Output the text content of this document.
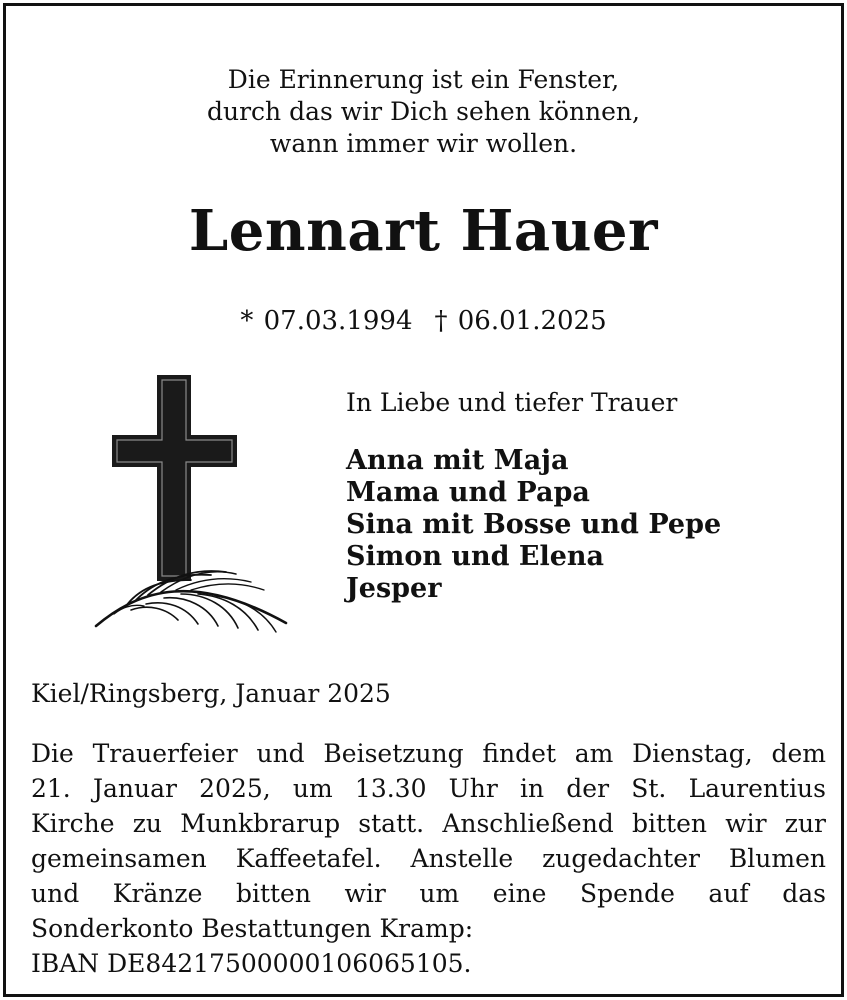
Die Erinnerung ist ein Fenster,
durch das wir Dich sehen können,
wann immer wir wollen.
Lennart Hauer
* 07.03.1994 † 06.01.2025
In Liebe und tiefer Trauer
Anna mit Maja
Mama und Papa
Sina mit Bosse und Pepe
Simon und Elena
Jesper
Kiel/Ringsberg, Januar 2025
Die Trauerfeier und Beisetzung findet am Dienstag, dem
21. Januar 2025, um 13.30 Uhr in der St. Laurentius
Kirche zu Munkbrarup statt. Anschließend bitten wir zur
gemeinsamen Kaffeetafel. Anstelle zugedachter Blumen
und Kränze bitten wir um eine Spende auf das
Sonderkonto Bestattungen Kramp:
IBAN DE84217500000106065105.
